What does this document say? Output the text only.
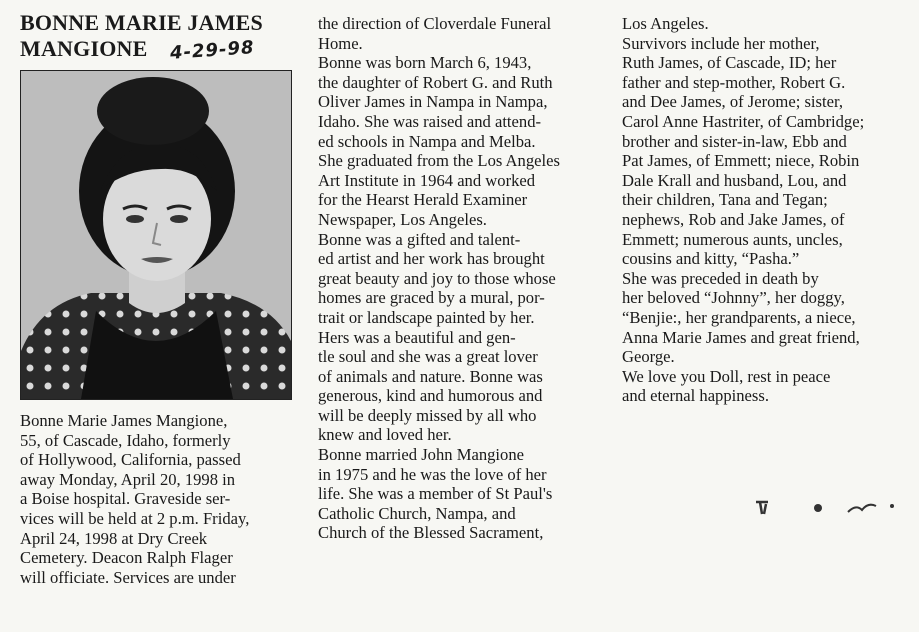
BONNE MARIE JAMES
MANGIONE	4-29-98
Bonne Marie James Mangione,
55, of Cascade, Idaho, formerly
of Hollywood, California, passed
away Monday, April 20, 1998 in
a Boise hospital. Graveside ser-
vices will be held at 2 p.m. Friday,
April 24, 1998 at Dry Creek
Cemetery. Deacon Ralph Flager
will officiate. Services are under
the direction of Cloverdale Funeral
Home.
Bonne was born March 6, 1943,
the daughter of Robert G. and Ruth
Oliver James in Nampa in Nampa,
Idaho. She was raised and attend-
ed schools in Nampa and Melba.
She graduated from the Los Angeles
Art Institute in 1964 and worked
for the Hearst Herald Examiner
Newspaper, Los Angeles.
Bonne was a gifted and talent-
ed artist and her work has brought
great beauty and joy to those whose
homes are graced by a mural, por-
trait or landscape painted by her.
Hers was a beautiful and gen-
tle soul and she was a great lover
of animals and nature. Bonne was
generous, kind and humorous and
will be deeply missed by all who
knew and loved her.
Bonne married John Mangione
in 1975 and he was the love of her
life. She was a member of St Paul's
Catholic Church, Nampa, and
Church of the Blessed Sacrament,
Los Angeles.
Survivors include her mother,
Ruth James, of Cascade, ID; her
father and step-mother, Robert G.
and Dee James, of Jerome; sister,
Carol Anne Hastriter, of Cambridge;
brother and sister-in-law, Ebb and
Pat James, of Emmett; niece, Robin
Dale Krall and husband, Lou, and
their children, Tana and Tegan;
nephews, Rob and Jake James, of
Emmett; numerous aunts, uncles,
cousins and kitty, “Pasha.”
She was preceded in death by
her beloved “Johnny”, her doggy,
“Benjie:, her grandparents, a niece,
Anna Marie James and great friend,
George.
We love you Doll, rest in peace
and eternal happiness.
